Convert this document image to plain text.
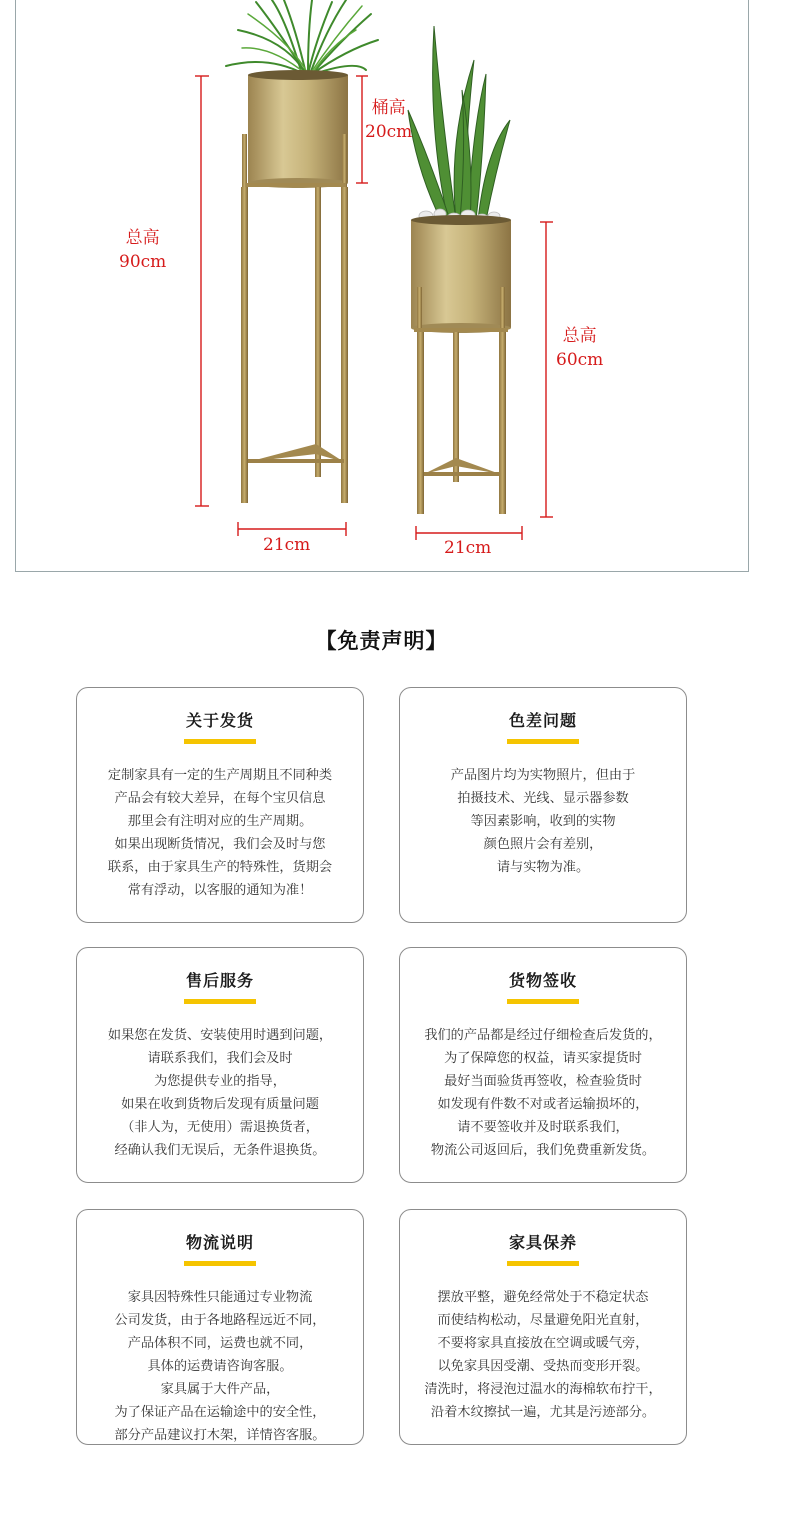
桶高
20cm
总高
90cm
总高
60cm
21cm	21cm
【免责声明】
关于发货
定制家具有一定的生产周期且不同种类
产品会有较大差异，在每个宝贝信息
那里会有注明对应的生产周期。
如果出现断货情况，我们会及时与您
联系，由于家具生产的特殊性，货期会
常有浮动，以客服的通知为准！
色差问题
产品图片均为实物照片，但由于
拍摄技术、光线、显示器参数
等因素影响，收到的实物
颜色照片会有差别，
请与实物为准。
售后服务
如果您在发货、安装使用时遇到问题，
请联系我们，我们会及时
为您提供专业的指导，
如果在收到货物后发现有质量问题
（非人为，无使用）需退换货者，
经确认我们无误后，无条件退换货。
货物签收
我们的产品都是经过仔细检查后发货的，
为了保障您的权益，请买家提货时
最好当面验货再签收，检查验货时
如发现有件数不对或者运输损坏的，
请不要签收并及时联系我们，
物流公司返回后，我们免费重新发货。
物流说明
家具因特殊性只能通过专业物流
公司发货，由于各地路程远近不同，
产品体积不同，运费也就不同，
具体的运费请咨询客服。
家具属于大件产品，
为了保证产品在运输途中的安全性，
部分产品建议打木架，详情咨客服。
家具保养
摆放平整，避免经常处于不稳定状态
而使结构松动，尽量避免阳光直射，
不要将家具直接放在空调或暖气旁，
以免家具因受潮、受热而变形开裂。
清洗时，将浸泡过温水的海棉软布拧干，
沿着木纹擦拭一遍，尤其是污迹部分。
